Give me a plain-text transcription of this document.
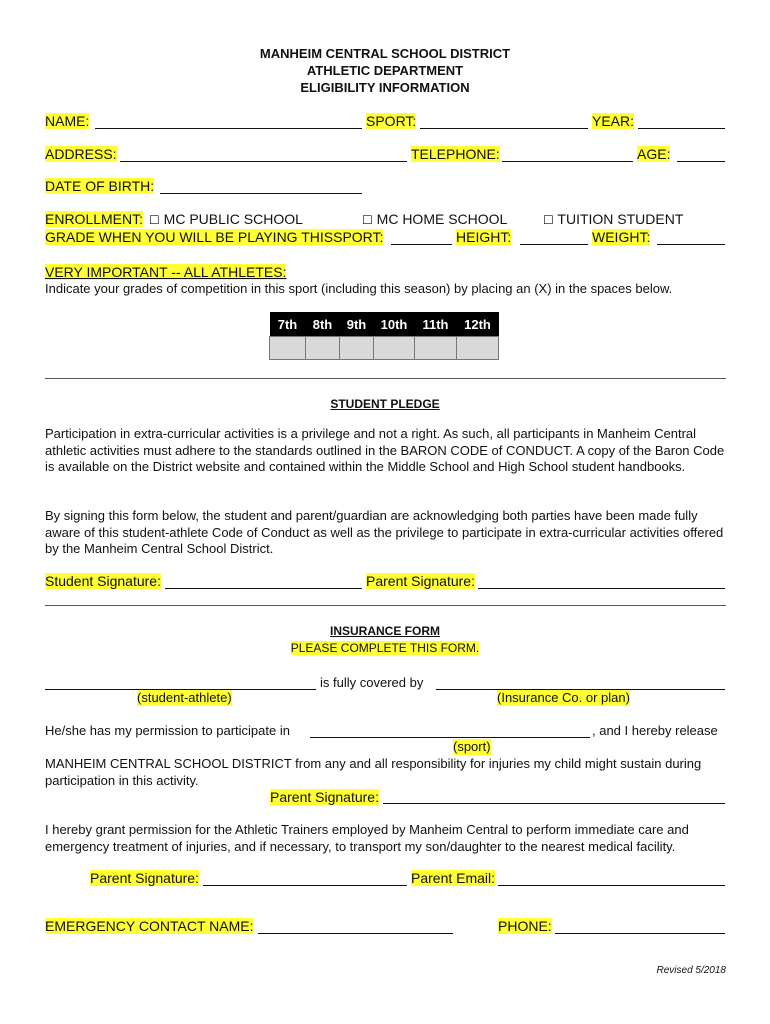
MANHEIM CENTRAL SCHOOL DISTRICT
ATHLETIC DEPARTMENT
ELIGIBILITY INFORMATION
NAME:	SPORT:	YEAR:
ADDRESS:	TELEPHONE:	AGE:
DATE OF BIRTH:
ENROLLMENT: ☐ MC PUBLIC SCHOOL	☐ MC HOME SCHOOL	☐ TUITION STUDENT
GRADE WHEN YOU WILL BE PLAYING THISSPORT:	HEIGHT:	WEIGHT:
VERY IMPORTANT -- ALL ATHLETES:
Indicate your grades of competition in this sport (including this season) by placing an (X) in the spaces below.
7th	8th	9th	10th	11th	12th

STUDENT PLEDGE
Participation in extra-curricular activities is a privilege and not a right. As such, all participants in Manheim Central athletic activities must adhere to the standards outlined in the BARON CODE of CONDUCT. A copy of the Baron Code is available on the District website and contained within the Middle School and High School student handbooks.
By signing this form below, the student and parent/guardian are acknowledging both parties have been made fully aware of this student-athlete Code of Conduct as well as the privilege to participate in extra-curricular activities offered by the Manheim Central School District.
Student Signature:	Parent Signature:
INSURANCE FORM
PLEASE COMPLETE THIS FORM.
is fully covered by
(student-athlete)	(Insurance Co. or plan)
He/she has my permission to participate in	, and I hereby release
(sport)
MANHEIM CENTRAL SCHOOL DISTRICT from any and all responsibility for injuries my child might sustain during participation in this activity.
Parent Signature:
I hereby grant permission for the Athletic Trainers employed by Manheim Central to perform immediate care and emergency treatment of injuries, and if necessary, to transport my son/daughter to the nearest medical facility.
Parent Signature:	Parent Email:
EMERGENCY CONTACT NAME:	PHONE:
Revised 5/2018
